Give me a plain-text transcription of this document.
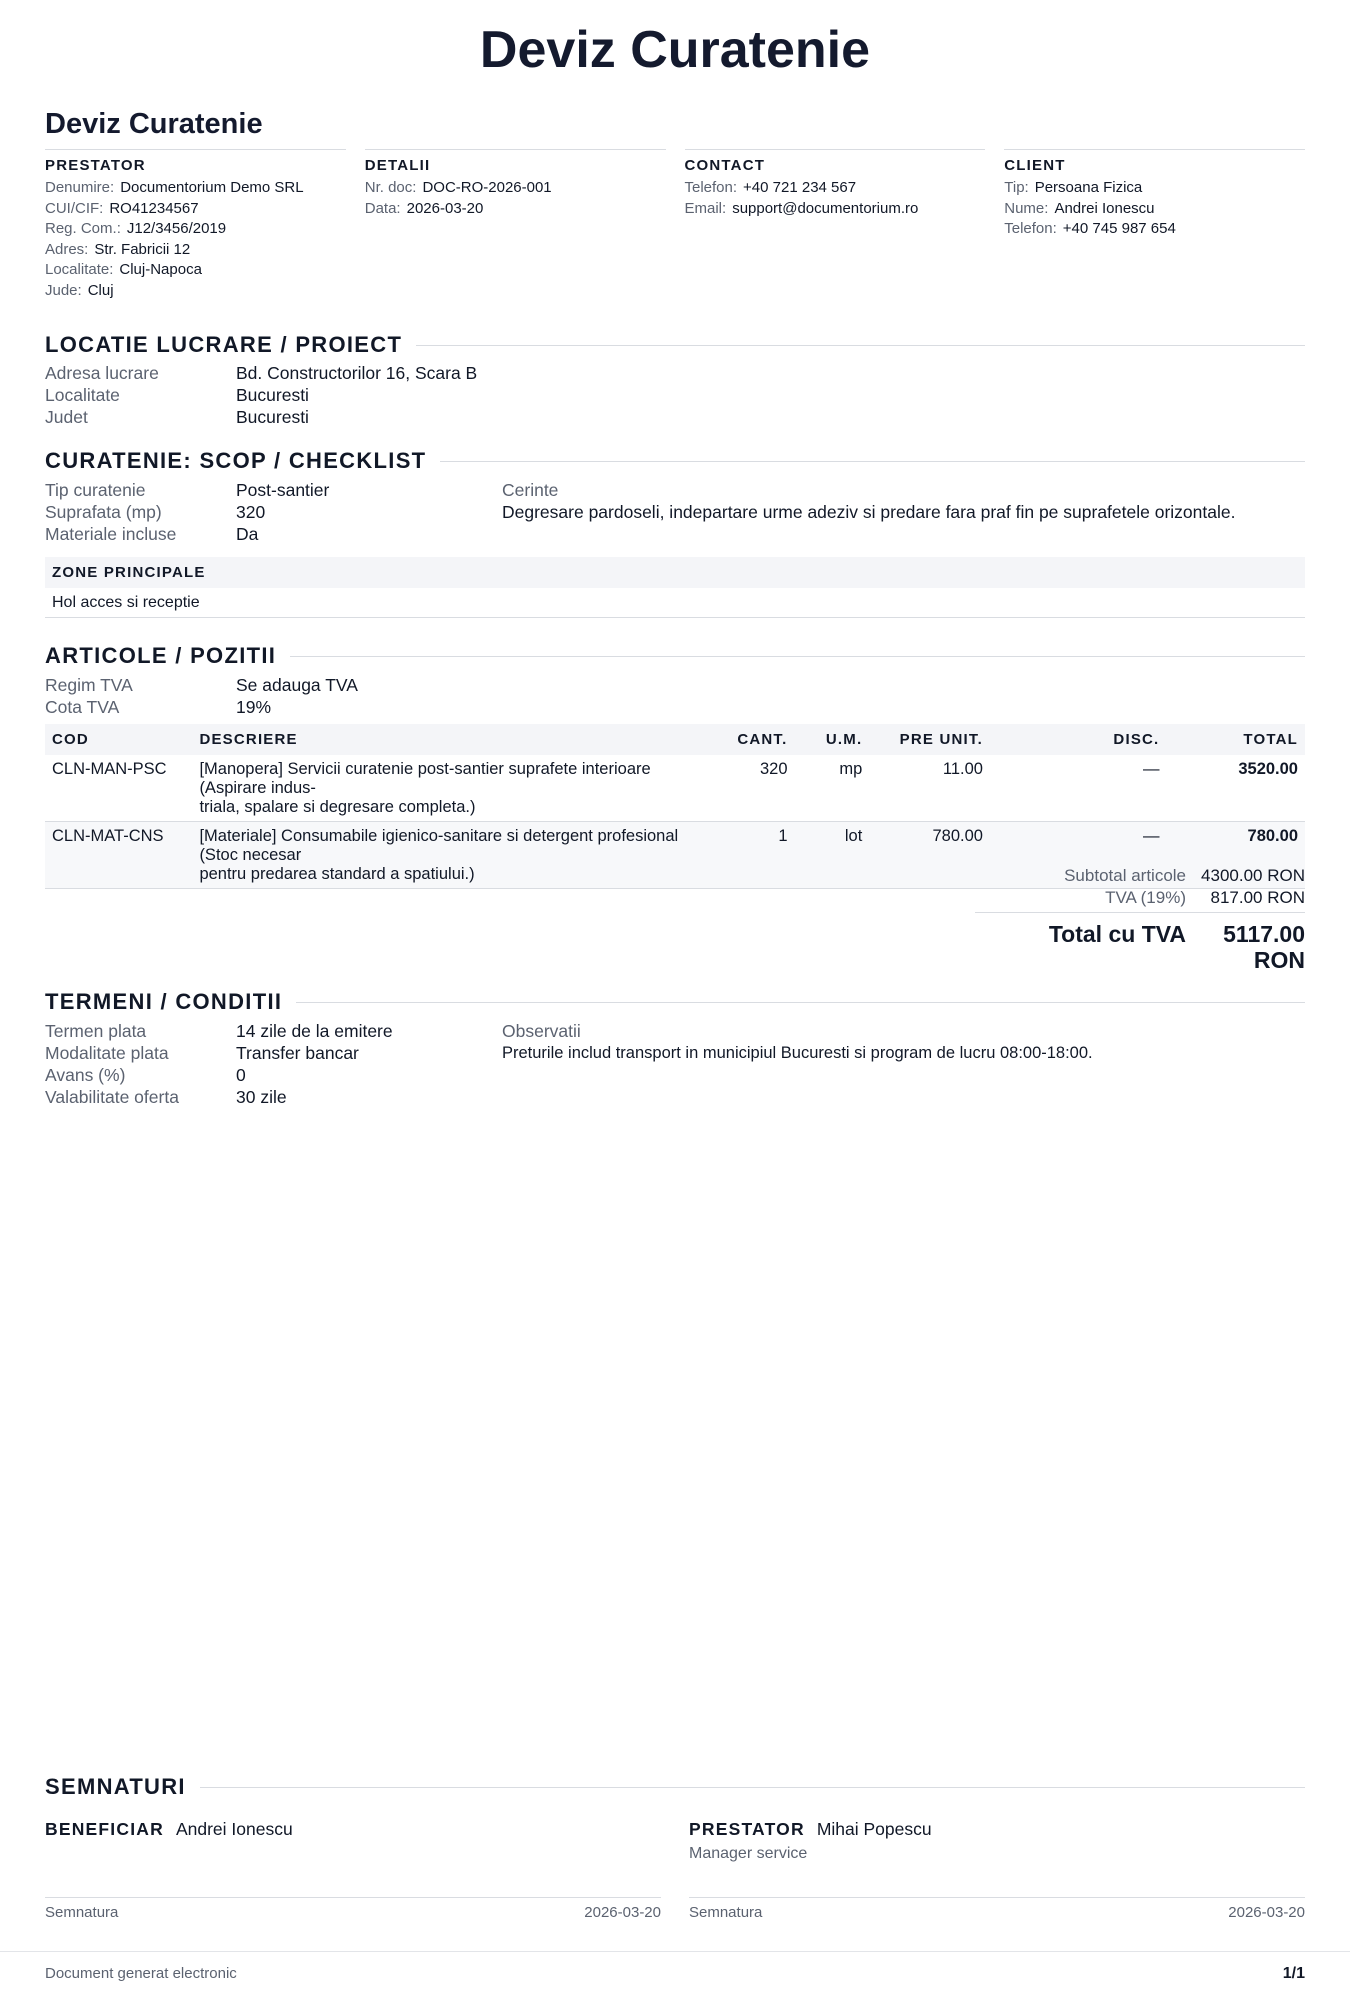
Deviz Curatenie
Deviz Curatenie
PRESTATOR
Denumire: Documentorium Demo SRL
CUI/CIF: RO41234567
Reg. Com.: J12/3456/2019
Adres: Str. Fabricii 12
Localitate: Cluj-Napoca
Jude: Cluj
DETALII
Nr. doc: DOC-RO-2026-001
Data: 2026-03-20
CONTACT
Telefon: +40 721 234 567
Email: support@documentorium.ro
CLIENT
Tip: Persoana Fizica
Nume: Andrei Ionescu
Telefon: +40 745 987 654
LOCATIE LUCRARE / PROIECT
Adresa lucrare	Bd. Constructorilor 16, Scara B
Localitate	Bucuresti
Judet	Bucuresti
CURATENIE: SCOP / CHECKLIST
Tip curatenie	Post-santier
Suprafata (mp)	320
Materiale incluse	Da
Cerinte
Degresare pardoseli, indepartare urme adeziv si predare fara praf fin pe suprafetele orizontale.
ZONE PRINCIPALE
Hol acces si receptie
ARTICOLE / POZITII
Regim TVA	Se adauga TVA
Cota TVA	19%
COD	DESCRIERE	CANT.	U.M.	PRE UNIT.	DISC.	TOTAL
CLN-MAN-PSC	[Manopera] Servicii curatenie post-santier suprafete interioare (Aspirare indus-
triala, spalare si degresare completa.)	320	mp	11.00	—	3520.00
CLN-MAT-CNS	[Materiale] Consumabile igienico-sanitare si detergent profesional (Stoc necesar
pentru predarea standard a spatiului.)	1	lot	780.00	—	780.00
Subtotal articole 4300.00 RON
TVA (19%)	817.00 RON
Total cu TVA	5117.00
RON
TERMENI / CONDITII
Termen plata	14 zile de la emitere
Modalitate plata	Transfer bancar
Avans (%)	0
Valabilitate oferta	30 zile
Observatii
Preturile includ transport in municipiul Bucuresti si program de lucru 08:00-18:00.
SEMNATURI
BENEFICIAR Andrei Ionescu	PRESTATOR Mihai Popescu
Manager service
Semnatura	2026-03-20 Semnatura	2026-03-20
Document generat electronic	1/1
